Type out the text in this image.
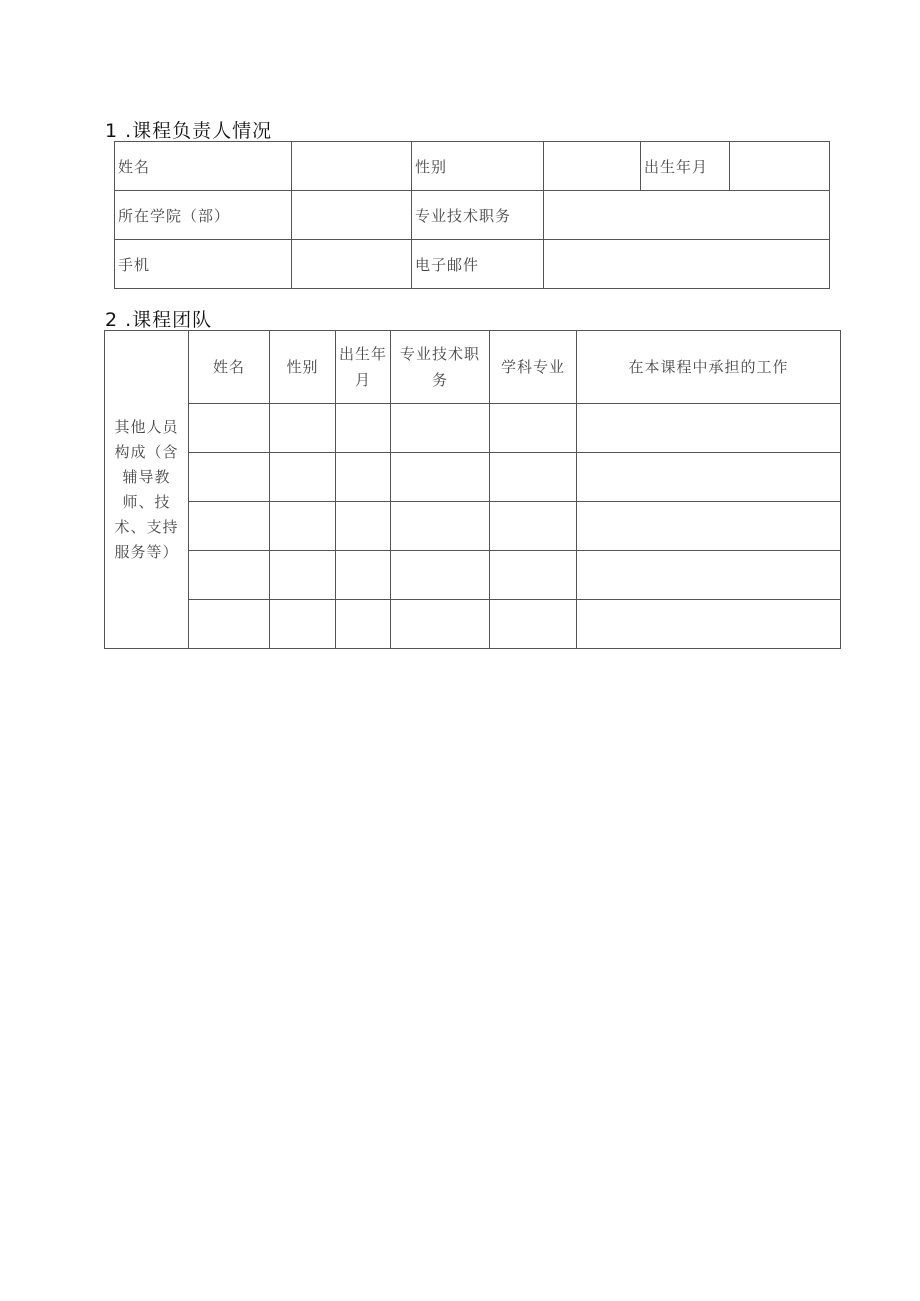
1 .课程负责人情况
姓名		性别		出生年月	
所在学院（部）		专业技术职务			
手机		电子邮件			
2 .课程团队
其他人员构成（含辅导教师、技术、支持服务等）	姓名	性别	出生年月	专业技术职务	学科专业	在本课程中承担的工作
